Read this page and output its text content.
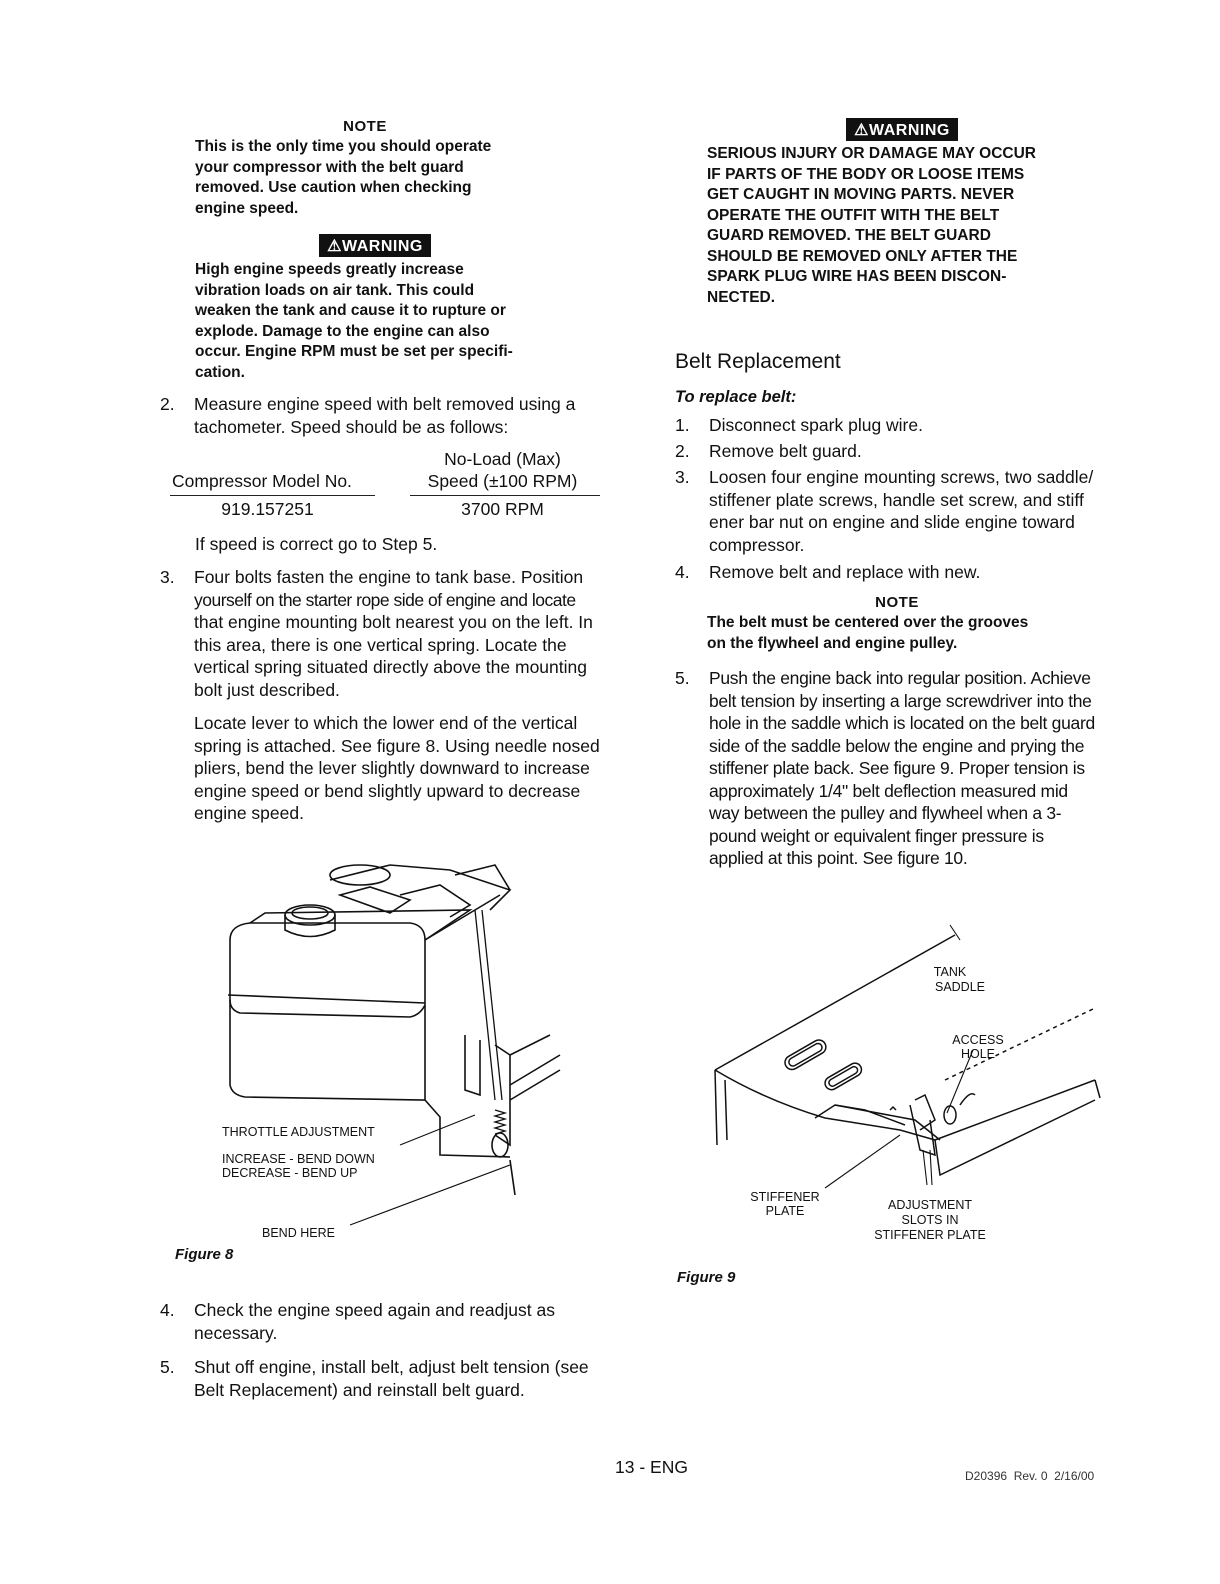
NOTE
This is the only time you should operate
your compressor with the belt guard
removed. Use caution when checking
engine speed.
⚠WARNING
High engine speeds greatly increase
vibration loads on air tank. This could
weaken the tank and cause it to rupture or
explode. Damage to the engine can also
occur. Engine RPM must be set per specifi-
cation.
2. Measure engine speed with belt removed using a
tachometer. Speed should be as follows:
No-Load (Max)
Compressor Model No.	Speed (±100 RPM)
919.157251	3700 RPM
If speed is correct go to Step 5.
3. Four bolts fasten the engine to tank base. Position
yourself on the starter rope side of engine and locate
that engine mounting bolt nearest you on the left. In
this area, there is one vertical spring. Locate the
vertical spring situated directly above the mounting
bolt just described.
Locate lever to which the lower end of the vertical
spring is attached. See figure 8. Using needle nosed
pliers, bend the lever slightly downward to increase
engine speed or bend slightly upward to decrease
engine speed.
THROTTLE ADJUSTMENT
INCREASE - BEND DOWN
DECREASE - BEND UP
BEND HERE
Figure 8
4. Check the engine speed again and readjust as
necessary.
5. Shut off engine, install belt, adjust belt tension (see
Belt Replacement) and reinstall belt guard.
⚠WARNING
SERIOUS INJURY OR DAMAGE MAY OCCUR
IF PARTS OF THE BODY OR LOOSE ITEMS
GET CAUGHT IN MOVING PARTS. NEVER
OPERATE THE OUTFIT WITH THE BELT
GUARD REMOVED. THE BELT GUARD
SHOULD BE REMOVED ONLY AFTER THE
SPARK PLUG WIRE HAS BEEN DISCON-
NECTED.
Belt Replacement
To replace belt:
1. Disconnect spark plug wire.
2. Remove belt guard.
3. Loosen four engine mounting screws, two saddle/
stiffener plate screws, handle set screw, and stiff
ener bar nut on engine and slide engine toward
compressor.
4. Remove belt and replace with new.
NOTE
The belt must be centered over the grooves
on the flywheel and engine pulley.
5. Push the engine back into regular position. Achieve
belt tension by inserting a large screwdriver into the
hole in the saddle which is located on the belt guard
side of the saddle below the engine and prying the
stiffener plate back. See figure 9. Proper tension is
approximately 1/4" belt deflection measured mid
way between the pulley and flywheel when a 3-
pound weight or equivalent finger pressure is
applied at this point. See figure 10.
TANK
SADDLE
ACCESS
HOLE
STIFFENER
PLATE	ADJUSTMENT
SLOTS IN
STIFFENER PLATE
Figure 9
13 - ENG	D20396  Rev. 0  2/16/00
